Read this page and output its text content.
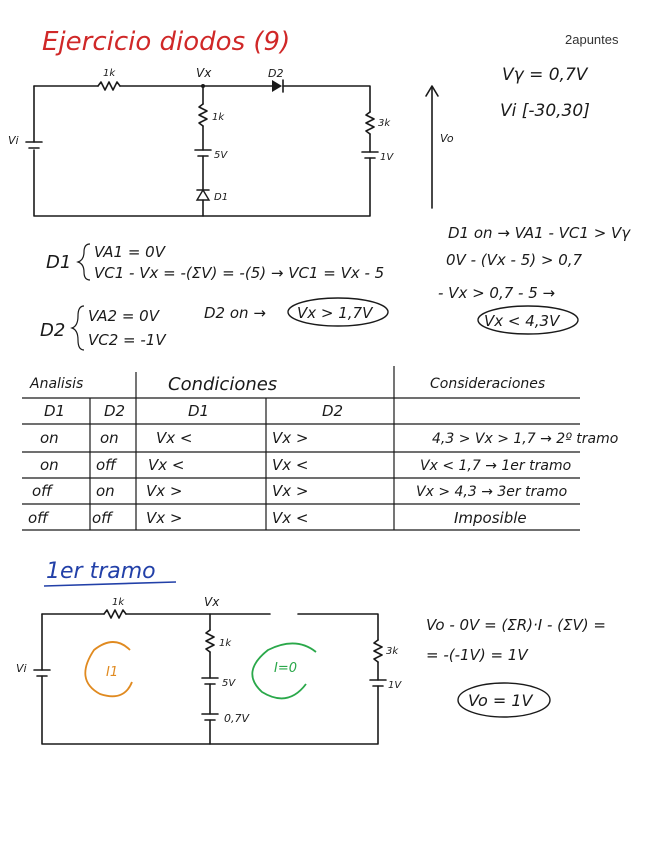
Ejercicio diodos (9)	2apuntes
1k	Vx	D2
1k
5V
D1
3k
1V
Vi	Vo
Vγ = 0,7V
Vi [-30,30]
D1 VA1 = 0V
VC1 - Vx = -(ΣV) = -(5) → VC1 = Vx - 5
D2
VA2 = 0V
VC2 = -1V
D2 on → Vx > 1,7V
D1 on → VA1 - VC1 > Vγ
0V - (Vx - 5) > 0,7
- Vx > 0,7 - 5 →
Vx < 4,3V
Analisis	Condiciones	Consideraciones
D1	D2	D1	D2
on	on Vx <	Vx >	4,3 > Vx > 1,7 → 2º tramo
on off Vx <	Vx <	Vx < 1,7 → 1er tramo
off	on Vx >	Vx >	Vx > 4,3 → 3er tramo
off	off Vx >	Vx <	Imposible
1er tramo
1k	Vx
1k
5V
0,7V
3k
1V
Vi	I1	I=0
Vo - 0V = (ΣR)·I - (ΣV) =
= -(-1V) = 1V
Vo = 1V
